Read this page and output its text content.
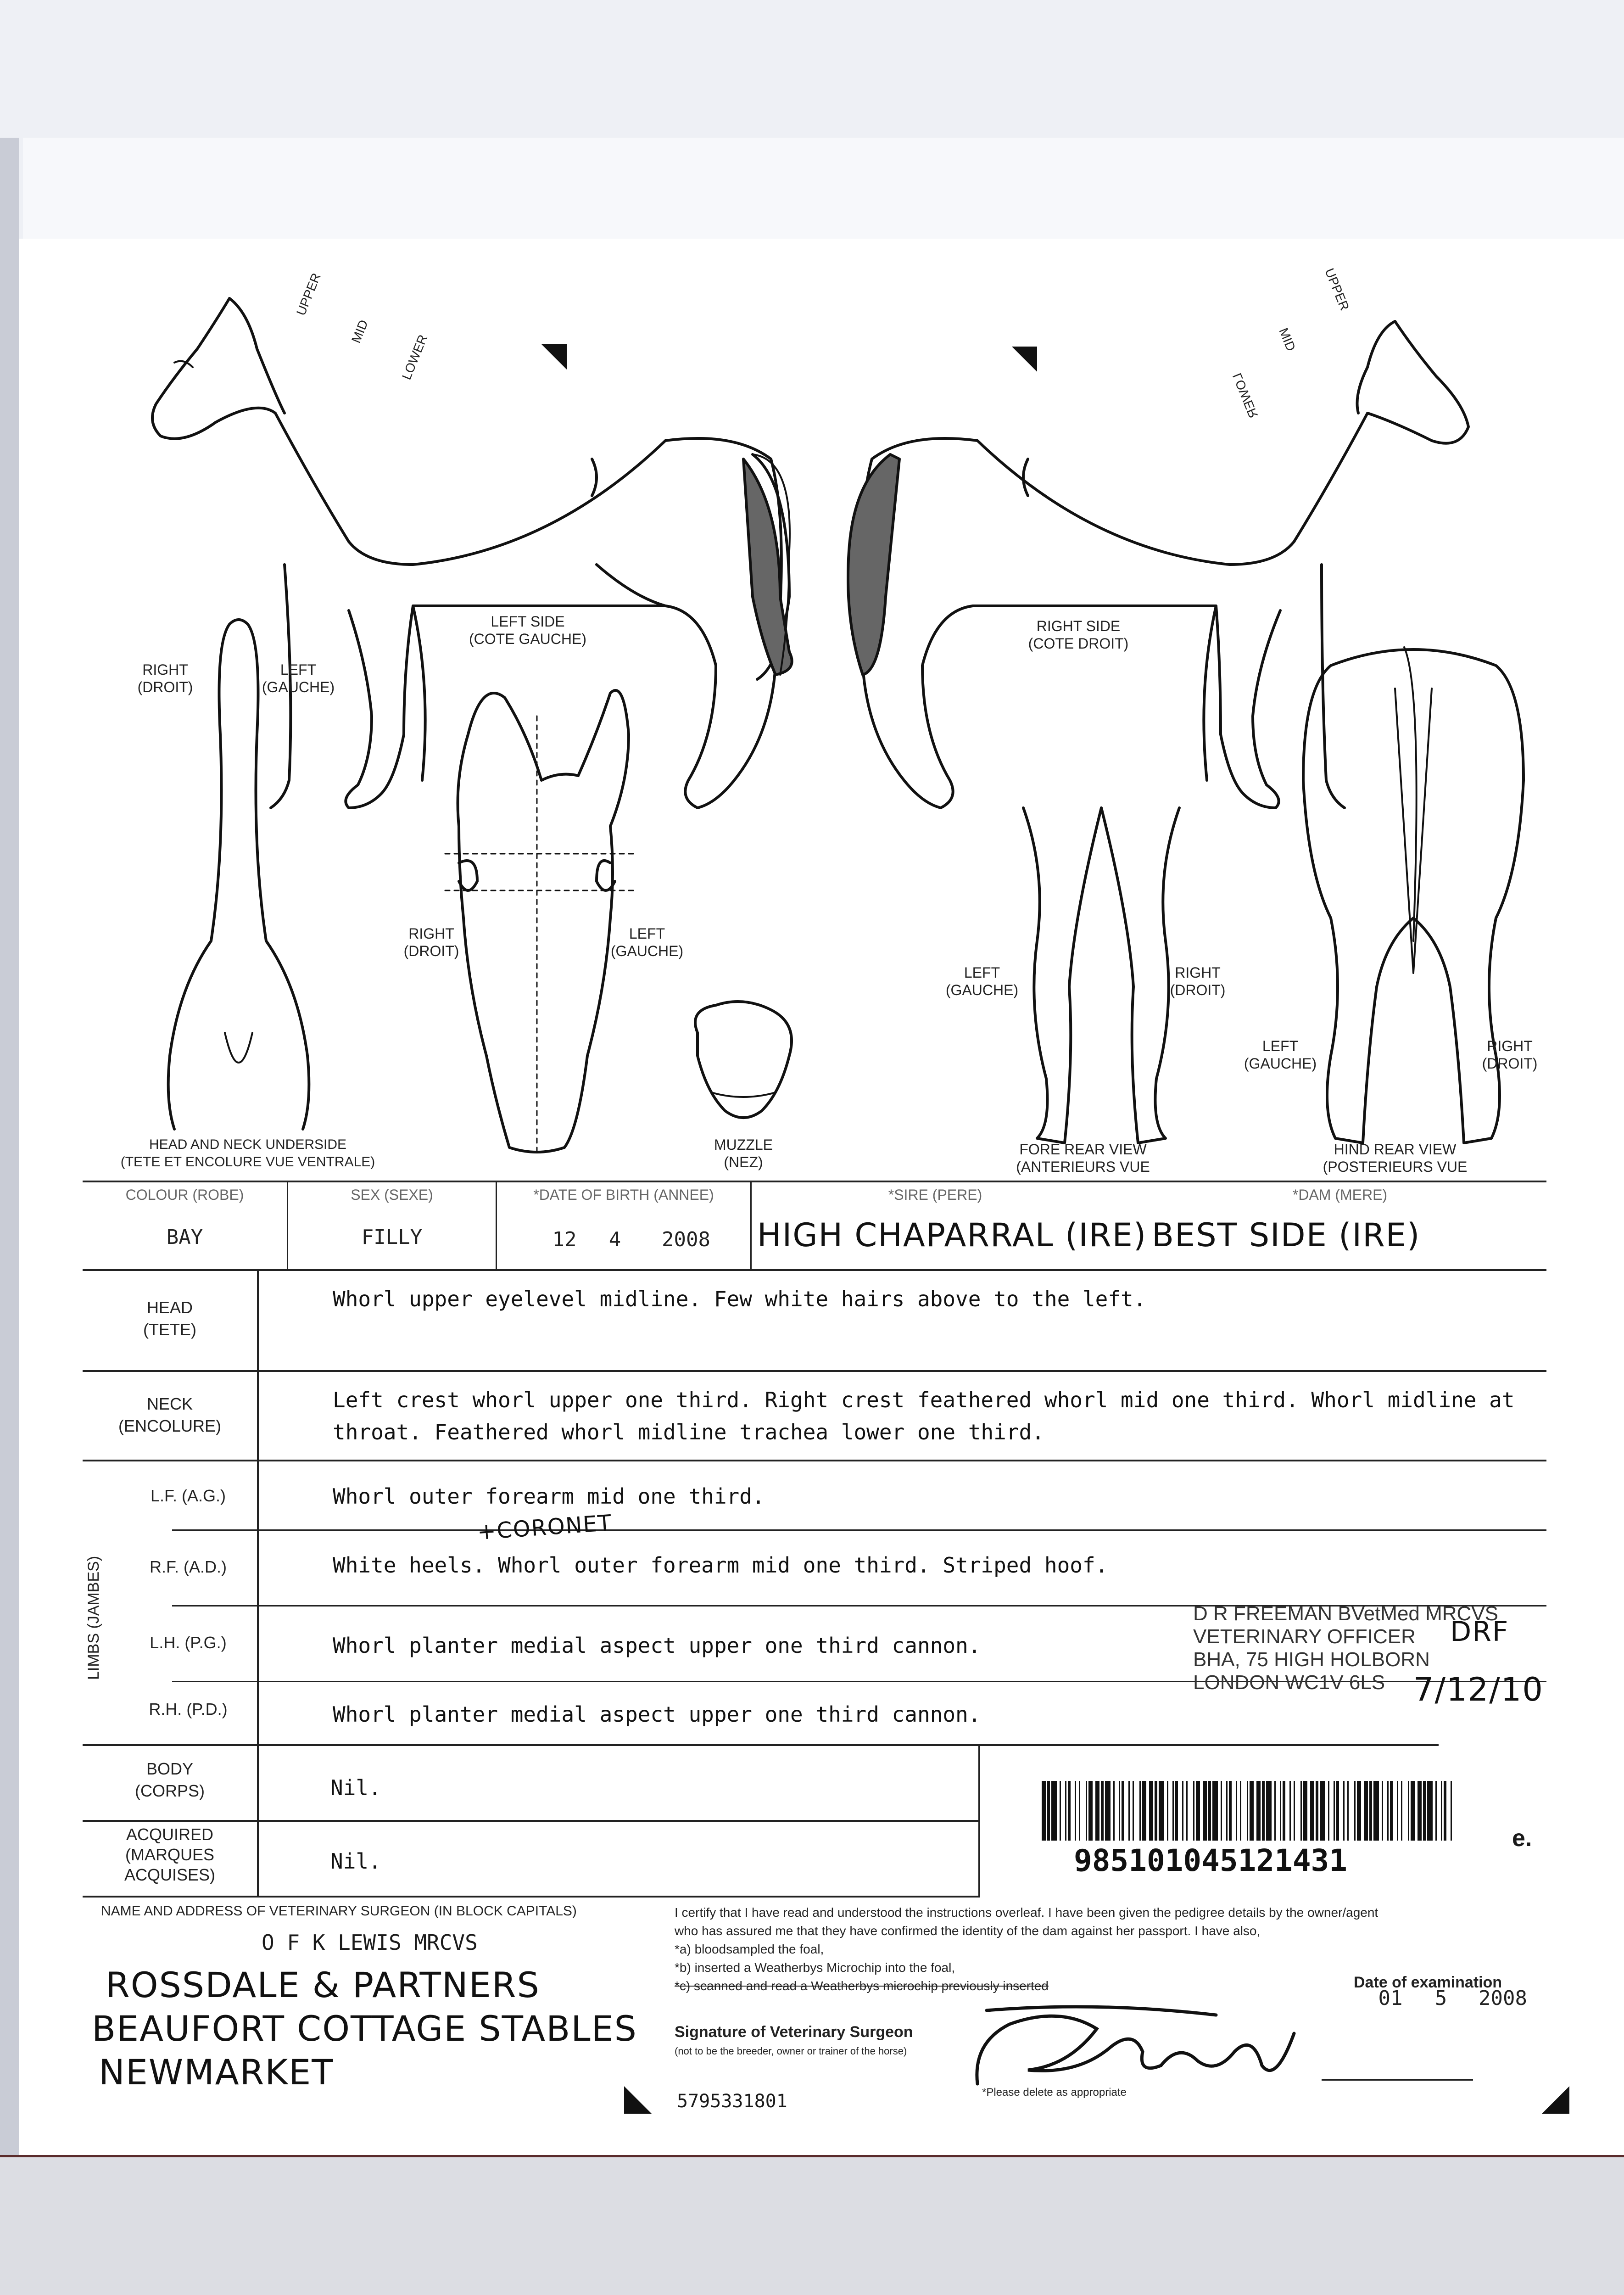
UPPER
MID
LOWER
LOWER
MID
UPPER
LEFT SIDE
(COTE GAUCHE)
RIGHT SIDE
(COTE DROIT)
RIGHT
(DROIT)
LEFT
(GAUCHE)
RIGHT
(DROIT)
LEFT
(GAUCHE)
LEFT
(GAUCHE)
RIGHT
(DROIT)
LEFT
(GAUCHE)
RIGHT
(DROIT)
HEAD AND NECK UNDERSIDE
(TETE ET ENCOLURE VUE VENTRALE)
MUZZLE
(NEZ)
FORE REAR VIEW
(ANTERIEURS VUE
HIND REAR VIEW
(POSTERIEURS VUE
COLOUR (ROBE)
BAY
SEX (SEXE)
FILLY
*DATE OF BIRTH (ANNEE)
12	4	2008
*SIRE (PERE)
HIGH CHAPARRAL (IRE)
*DAM (MERE)
BEST SIDE (IRE)
HEAD
(TETE)
Whorl upper eyelevel midline. Few white hairs above to the left.
NECK
(ENCOLURE)
Left crest whorl upper one third. Right crest feathered whorl mid one third. Whorl midline at
throat. Feathered whorl midline trachea lower one third.
LIMBS (JAMBES)
L.F. (A.G.)	Whorl outer forearm mid one third.
R.F. (A.D.)	White heels. Whorl outer forearm mid one third. Striped hoof.
+CORONET
L.H. (P.G.)	Whorl planter medial aspect upper one third cannon.
R.H. (P.D.)	Whorl planter medial aspect upper one third cannon.
BODY
(CORPS)	Nil.
ACQUIRED
(MARQUES
ACQUISES)
Nil.
D R FREEMAN BVetMed MRCVS
VETERINARY OFFICER
BHA, 75 HIGH HOLBORN
LONDON WC1V 6LS
DRF
7/12/10
985101045121431
e.
NAME AND ADDRESS OF VETERINARY SURGEON (IN BLOCK CAPITALS)
O F K LEWIS MRCVS
ROSSDALE & PARTNERS
BEAUFORT COTTAGE STABLES
NEWMARKET
I certify that I have read and understood the instructions overleaf. I have been given the pedigree details by the owner/agent
who has assured me that they have confirmed the identity of the dam against her passport. I have also,
*a) bloodsampled the foal,
*b) inserted a Weatherbys Microchip into the foal,
*c) scanned and read a Weatherbys microchip previously inserted	Date of examination
01	5	2008
Signature of Veterinary Surgeon
(not to be the breeder, owner or trainer of the horse)
*Please delete as appropriate
5795331801
